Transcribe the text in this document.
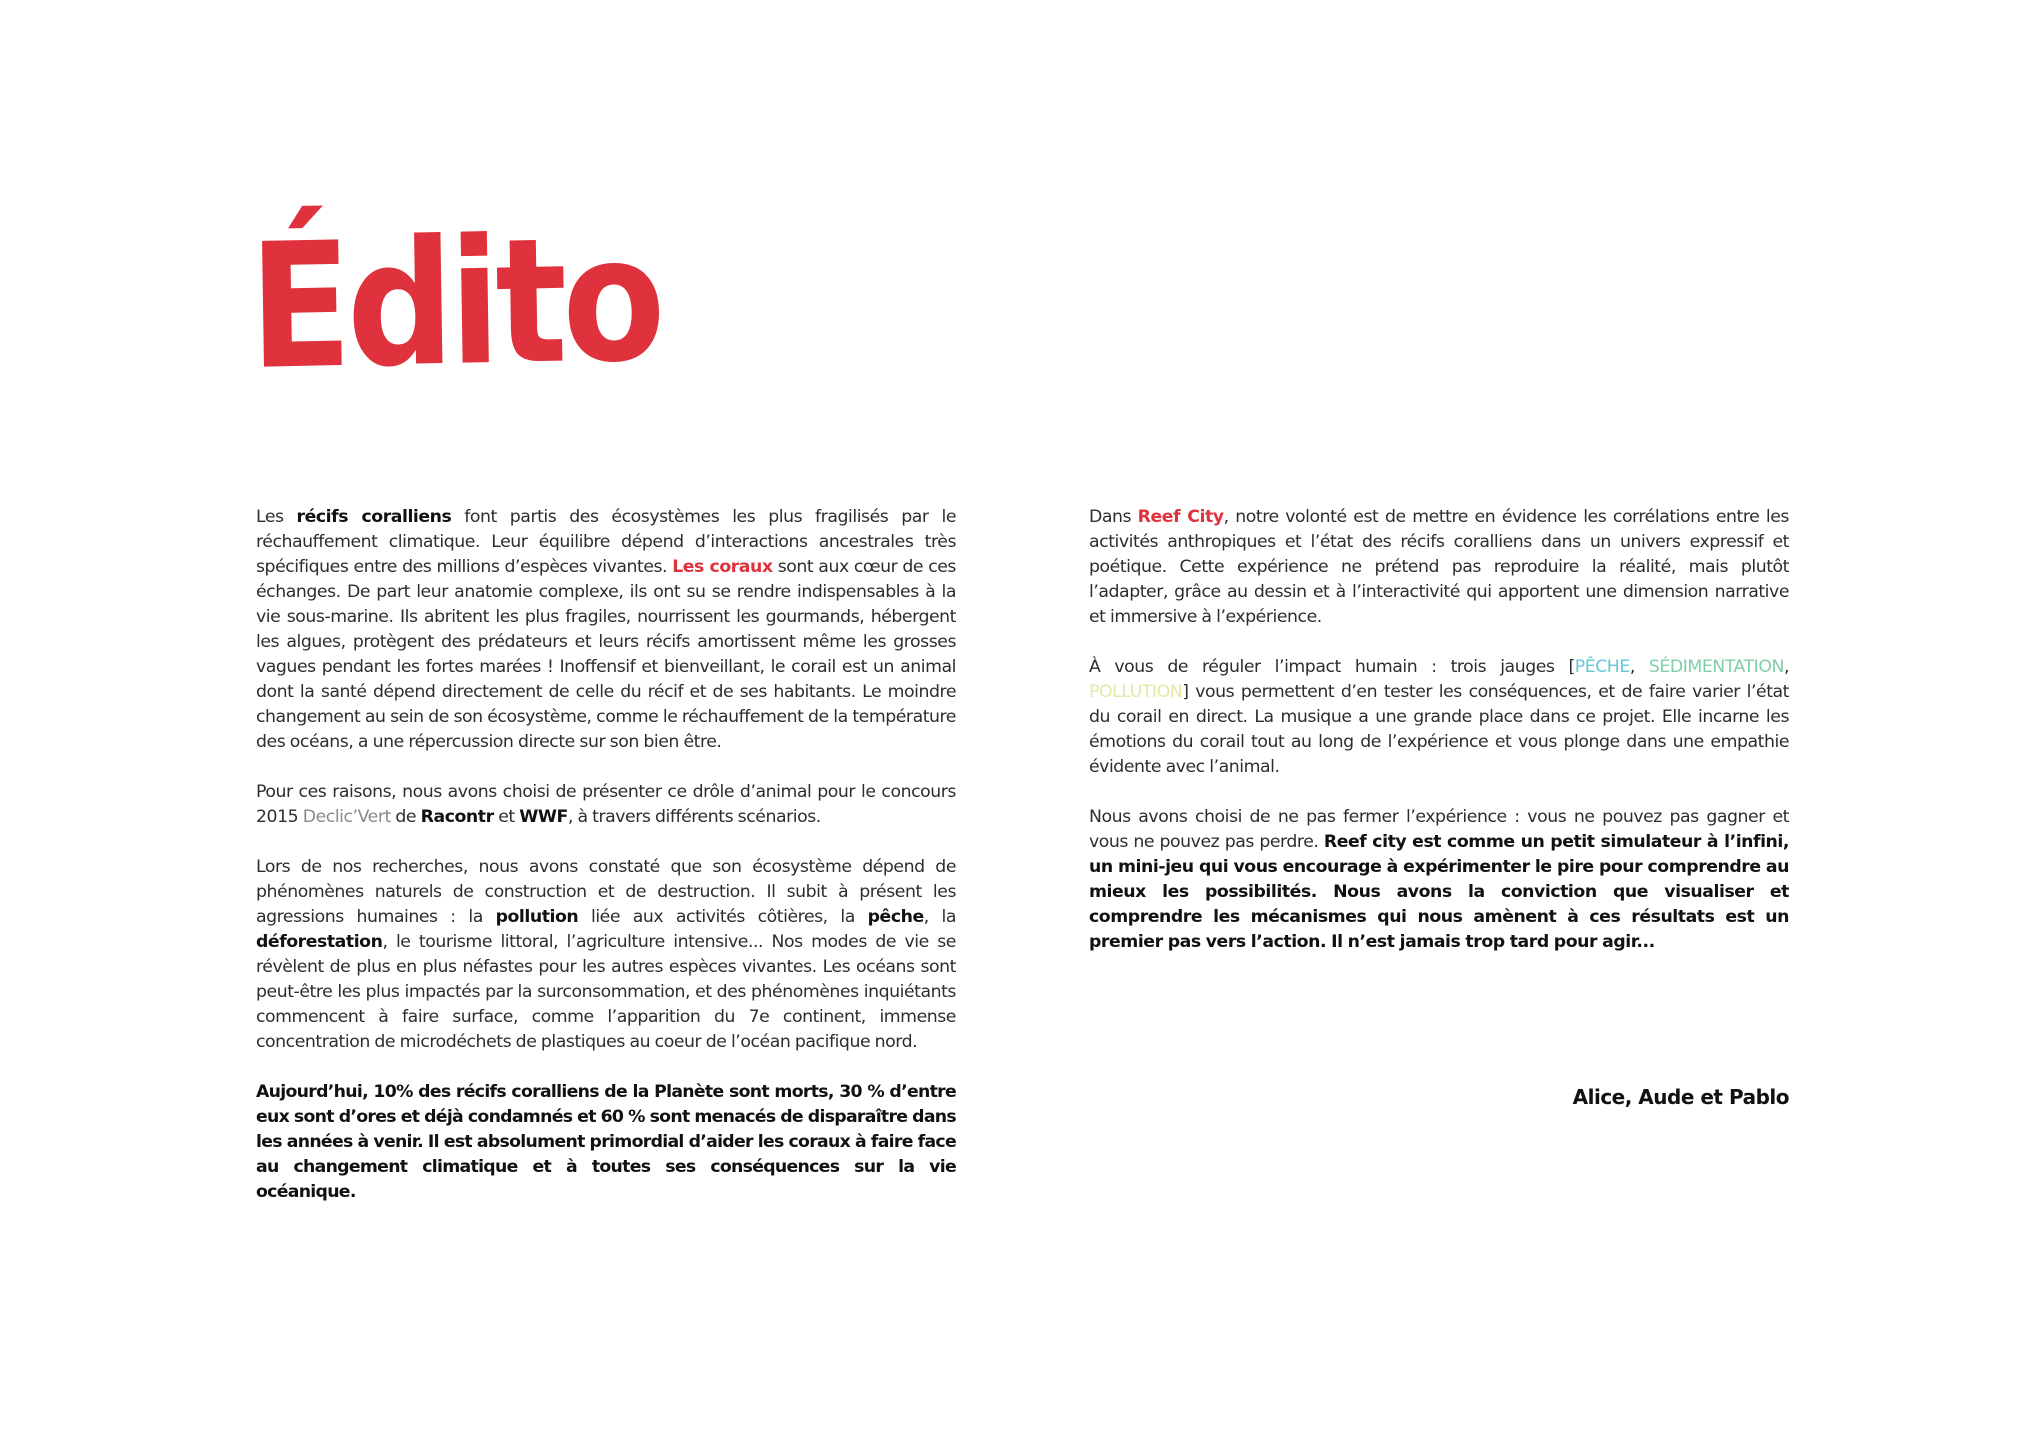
Édito

Les récifs coralliens font partis des écosystèmes les plus fragilisés par le réchauffement climatique. Leur équilibre dépend d’interactions ancestrales très spécifiques entre des millions d’espèces vivantes. Les coraux sont aux cœur de ces échanges. De part leur anatomie complexe, ils ont su se rendre indispensables à la vie sous-marine. Ils abritent les plus fragiles, nourrissent les gourmands, hébergent les algues, protègent des prédateurs et leurs récifs amortissent même les grosses vagues pendant les fortes marées ! Inoffensif et bienveillant, le corail est un animal dont la santé dépend directement de celle du récif et de ses habitants. Le moindre changement au sein de son écosystème, comme le réchauffement de la température des océans, a une répercussion directe sur son bien être.

Pour ces raisons, nous avons choisi de présenter ce drôle d’animal pour le concours 2015 Declic’Vert de Racontr et WWF, à travers différents scénarios.

Lors de nos recherches, nous avons constaté que son écosystème dépend de phénomènes naturels de construction et de destruction. Il subit à présent les agressions humaines : la pollution liée aux activités côtières, la pêche, la déforestation, le tourisme littoral, l’agriculture intensive... Nos modes de vie se révèlent de plus en plus néfastes pour les autres espèces vivantes. Les océans sont peut-être les plus impactés par la surconsommation, et des phénomènes inquiétants commencent à faire surface, comme l’apparition du 7e continent, immense concentration de microdéchets de plastiques au coeur de l’océan pacifique nord.

Aujourd’hui, 10% des récifs coralliens de la Planète sont morts, 30 % d’entre eux sont d’ores et déjà condamnés et 60 % sont menacés de disparaître dans les années à venir. Il est absolument primordial d’aider les coraux à faire face au changement climatique et à toutes ses conséquences sur la vie océanique.

Dans Reef City, notre volonté est de mettre en évidence les corrélations entre les activités anthropiques et l’état des récifs coralliens dans un univers expressif et poétique. Cette expérience ne prétend pas reproduire la réalité, mais plutôt l’adapter, grâce au dessin et à l’interactivité qui apportent une dimension narrative et immersive à l’expérience.

À vous de réguler l’impact humain : trois jauges [PÊCHE, SÉDIMENTATION, POLLUTION] vous permettent d’en tester les conséquences, et de faire varier l’état du corail en direct. La musique a une grande place dans ce projet. Elle incarne les émotions du corail tout au long de l’expérience et vous plonge dans une empathie évidente avec l’animal.

Nous avons choisi de ne pas fermer l’expérience : vous ne pouvez pas gagner et vous ne pouvez pas perdre. Reef city est comme un petit simulateur à l’infini, un mini-jeu qui vous encourage à expérimenter le pire pour comprendre au mieux les possibilités. Nous avons la conviction que visualiser et comprendre les mécanismes qui nous amènent à ces résultats est un premier pas vers l’action. Il n’est jamais trop tard pour agir...

Alice, Aude et Pablo
